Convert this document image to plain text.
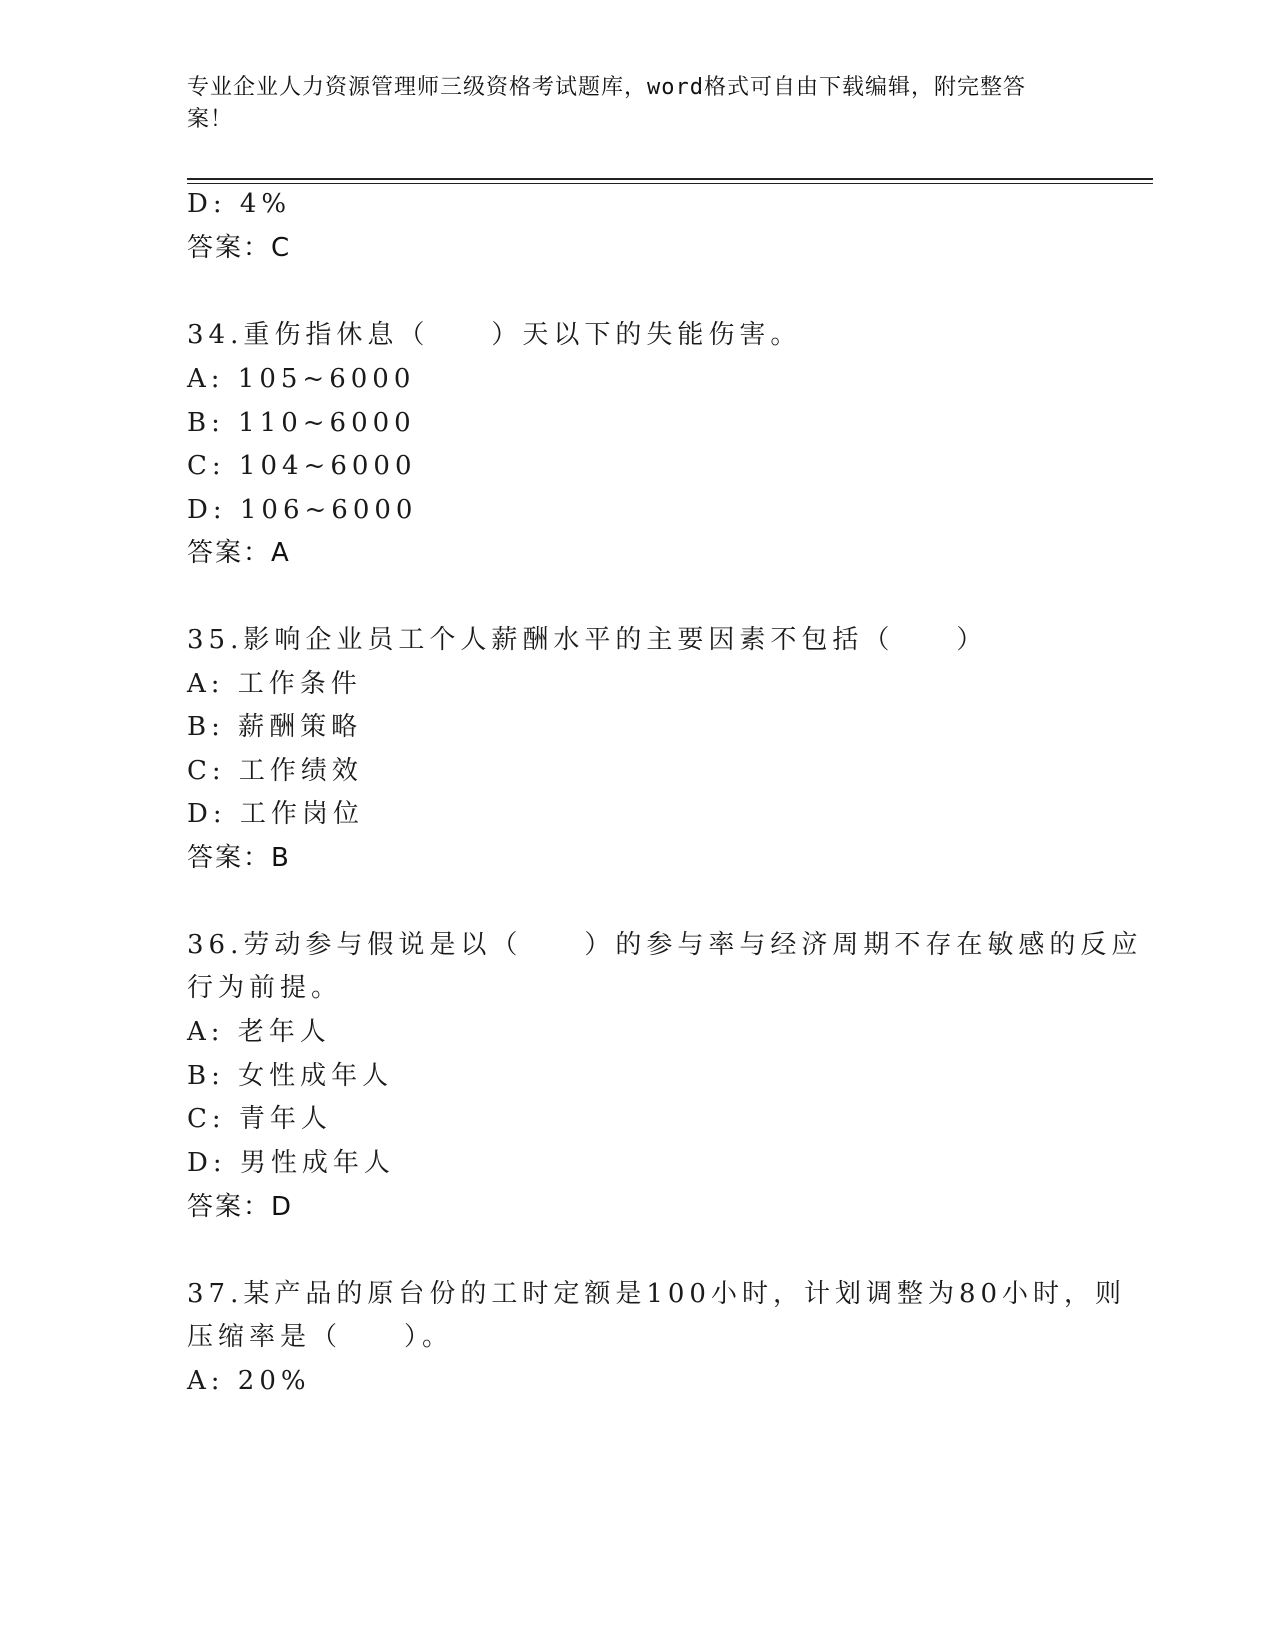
专业企业人力资源管理师三级资格考试题库，word格式可自由下载编辑，附完整答案！
D: 4%
答案：C
34.重伤指休息（　　）天以下的失能伤害。
A: 105~6000
B: 110~6000
C: 104~6000
D: 106~6000
答案：A
35.影响企业员工个人薪酬水平的主要因素不包括（　　）
A: 工作条件
B: 薪酬策略
C: 工作绩效
D: 工作岗位
答案：B
36.劳动参与假说是以（　　）的参与率与经济周期不存在敏感的反应
行为前提。
A: 老年人
B: 女性成年人
C: 青年人
D: 男性成年人
答案：D
37.某产品的原台份的工时定额是100小时，计划调整为80小时，则
压缩率是（　　）。
A: 20%
